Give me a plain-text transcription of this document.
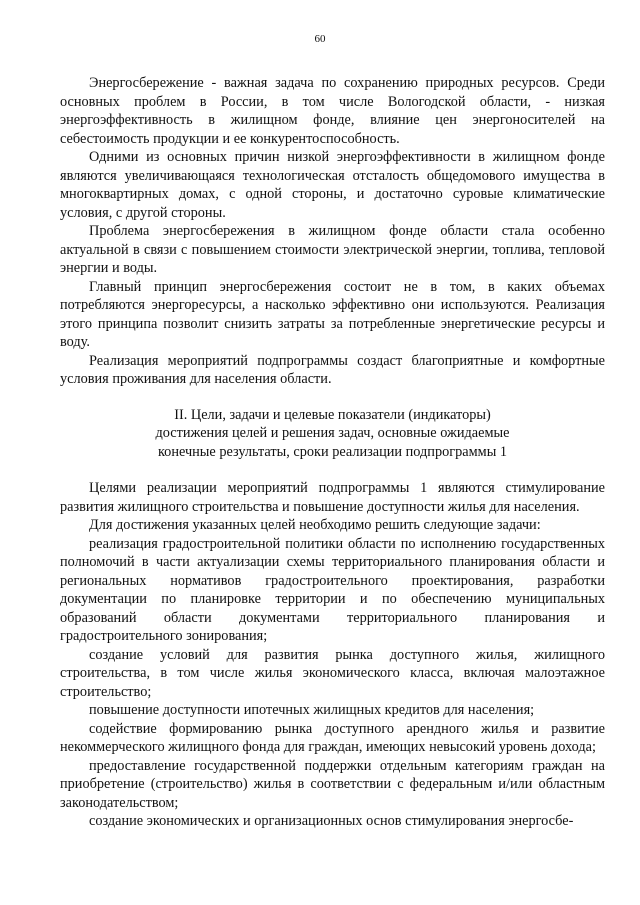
60

Энергосбережение - важная задача по сохранению природных ресурсов. Среди основных проблем в России, в том числе Вологодской области, - низкая энергоэффективность в жилищном фонде, влияние цен энергоносителей на себестоимость продукции и ее конкурентоспособность.

Одними из основных причин низкой энергоэффективности в жилищном фонде являются увеличивающаяся технологическая отсталость общедомового имущества в многоквартирных домах, с одной стороны, и достаточно суровые климатические условия, с другой стороны.

Проблема энергосбережения в жилищном фонде области стала особенно актуальной в связи с повышением стоимости электрической энергии, топлива, тепловой энергии и воды.

Главный принцип энергосбережения состоит не в том, в каких объемах потребляются энергоресурсы, а насколько эффективно они используются. Реализация этого принципа позволит снизить затраты за потребленные энергетические ресурсы и воду.

Реализация мероприятий подпрограммы создаст благоприятные и комфортные условия проживания для населения области.

II. Цели, задачи и целевые показатели (индикаторы)
достижения целей и решения задач, основные ожидаемые
конечные результаты, сроки реализации подпрограммы 1

Целями реализации мероприятий подпрограммы 1 являются стимулирование развития жилищного строительства и повышение доступности жилья для населения.

Для достижения указанных целей необходимо решить следующие задачи:

реализация градостроительной политики области по исполнению государственных полномочий в части актуализации схемы территориального планирования области и региональных нормативов градостроительного проектирования, разработки документации по планировке территории и по обеспечению муниципальных образований области документами территориального планирования и градостроительного зонирования;

создание условий для развития рынка доступного жилья, жилищного строительства, в том числе жилья экономического класса, включая малоэтажное строительство;

повышение доступности ипотечных жилищных кредитов для населения;

содействие формированию рынка доступного арендного жилья и развитие некоммерческого жилищного фонда для граждан, имеющих невысокий уровень дохода;

предоставление государственной поддержки отдельным категориям граждан на приобретение (строительство) жилья в соответствии с федеральным и/или областным законодательством;

создание экономических и организационных основ стимулирования энергосбе-
